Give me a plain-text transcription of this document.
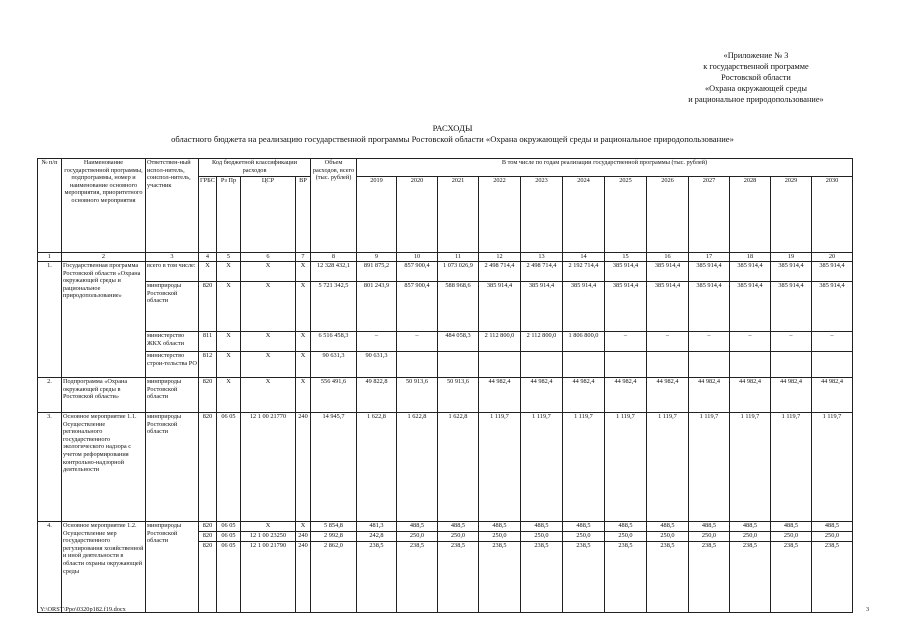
«Приложение № 3
к государственной программе
Ростовской области
«Охрана окружающей среды
и рациональное природопользование»
РАСХОДЫ
областного бюджета на реализацию государственной программы Ростовской области «Охрана окружающей среды и рациональное природопользование»
№ п/п	Наименование государственной программы, подпрограммы, номер и наименование основного мероприятия, приоритетного основного мероприятия	Ответствен-ный испол-нитель, соиспол-нитель, участник	Код бюджетной классификации расходов				Объем расходов, всего (тыс. рублей)	В том числе по годам реализации государственной программы (тыс. рублей)											
			ГРБС	Рз Пр	ЦСР	ВР		2019	2020	2021	2022	2023	2024	2025	2026	2027	2028	2029	2030
1	2	3	4	5	6	7	8	9	10	11	12	13	14	15	16	17	18	19	20
1.	Государственная программа Ростовской области «Охрана окружающей среды и рациональное природопользование»	всего в том числе:	X	X	X	X	12 328 432,1	891 875,2	857 900,4	1 073 026,9	2 498 714,4	2 498 714,4	2 192 714,4	385 914,4	385 914,4	385 914,4	385 914,4	385 914,4	385 914,4
		минприроды Ростовской области	820	X	X	X	5 721 342,5	801 243,9	857 900,4	588 968,6	385 914,4	385 914,4	385 914,4	385 914,4	385 914,4	385 914,4	385 914,4	385 914,4	385 914,4
		министерство ЖКХ области	811	X	X	X	6 516 458,3	–	–	484 058,3	2 112 800,0	2 112 800,0	1 806 800,0	–	–	–	–	–	–
		министерство строи-тельства РО	812	X	X	X	90 631,3	90 631,3											
2.	Подпрограмма «Охрана окружающей среды в Ростовской области»	минприроды Ростовской области	820	X	X	X	556 491,6	49 822,8	50 913,6	50 913,6	44 982,4	44 982,4	44 982,4	44 982,4	44 982,4	44 982,4	44 982,4	44 982,4	44 982,4
3.	Основное мероприятие 1.1. Осуществление регионального государственного экологического надзора с учетом реформирования контрольно-надзорной деятельности	минприроды Ростовской области	820	06 05	12 1 00 21770	240	14 945,7	1 622,8	1 622,8	1 622,8	1 119,7	1 119,7	1 119,7	1 119,7	1 119,7	1 119,7	1 119,7	1 119,7	1 119,7
4.	Основное мероприятие 1.2. Осуществление мер государственного регулирования хозяйственной и иной деятельности в области охраны окружающей среды	минприроды Ростовской области	820	06 05	X	X	5 854,8	481,3	488,5	488,5	488,5	488,5	488,5	488,5	488,5	488,5	488,5	488,5	488,5
			820	06 05	12 1 00 23250	240	2 992,8	242,8	250,0	250,0	250,0	250,0	250,0	250,0	250,0	250,0	250,0	250,0	250,0
			820	06 05	12 1 00 21790	240	2 862,0	238,5	238,5	238,5	238,5	238,5	238,5	238,5	238,5	238,5	238,5	238,5	238,5
Y:\ORST\Ppo\0320p182.f19.docx	3
